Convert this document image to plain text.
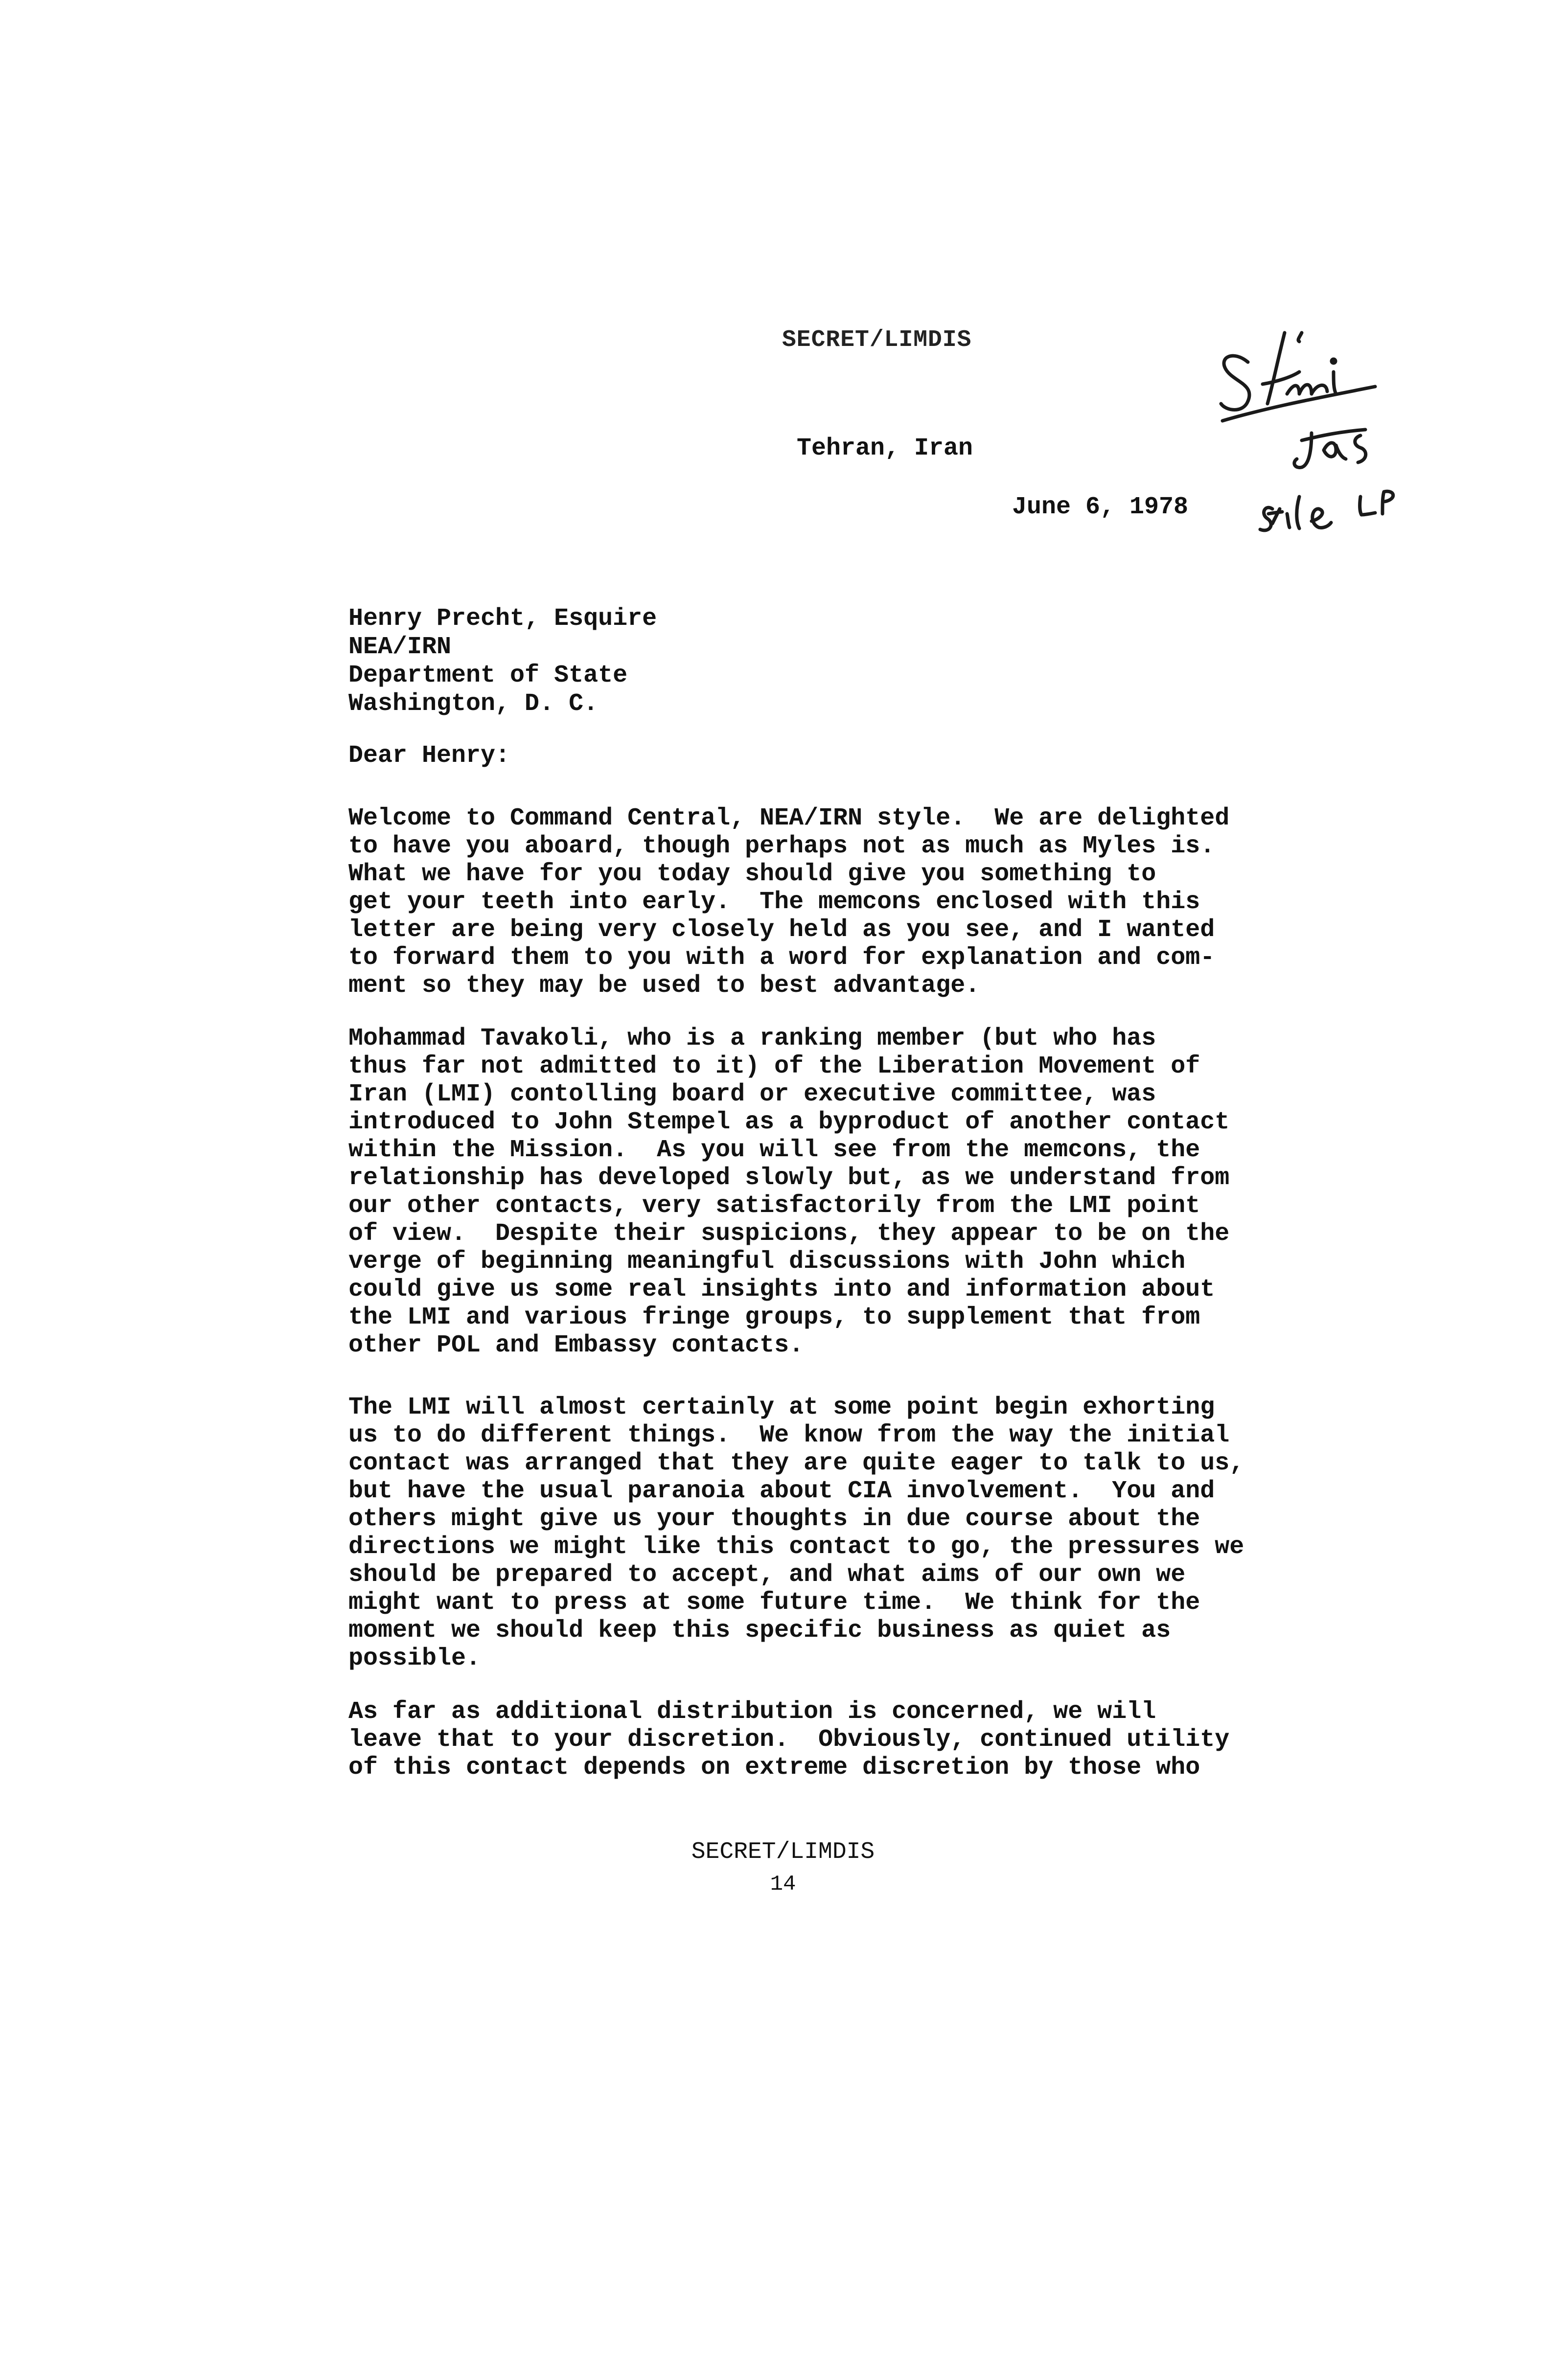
SECRET/LIMDIS
Tehran, Iran
June 6, 1978
Henry Precht, Esquire
NEA/IRN
Department of State
Washington, D. C.
Dear Henry:
Welcome to Command Central, NEA/IRN style.  We are delighted
to have you aboard, though perhaps not as much as Myles is.
What we have for you today should give you something to
get your teeth into early.  The memcons enclosed with this
letter are being very closely held as you see, and I wanted
to forward them to you with a word for explanation and com-
ment so they may be used to best advantage.
Mohammad Tavakoli, who is a ranking member (but who has
thus far not admitted to it) of the Liberation Movement of
Iran (LMI) contolling board or executive committee, was
introduced to John Stempel as a byproduct of another contact
within the Mission.  As you will see from the memcons, the
relationship has developed slowly but, as we understand from
our other contacts, very satisfactorily from the LMI point
of view.  Despite their suspicions, they appear to be on the
verge of beginning meaningful discussions with John which
could give us some real insights into and information about
the LMI and various fringe groups, to supplement that from
other POL and Embassy contacts.
The LMI will almost certainly at some point begin exhorting
us to do different things.  We know from the way the initial
contact was arranged that they are quite eager to talk to us,
but have the usual paranoia about CIA involvement.  You and
others might give us your thoughts in due course about the
directions we might like this contact to go, the pressures we
should be prepared to accept, and what aims of our own we
might want to press at some future time.  We think for the
moment we should keep this specific business as quiet as
possible.
As far as additional distribution is concerned, we will
leave that to your discretion.  Obviously, continued utility
of this contact depends on extreme discretion by those who
SECRET/LIMDIS
14
